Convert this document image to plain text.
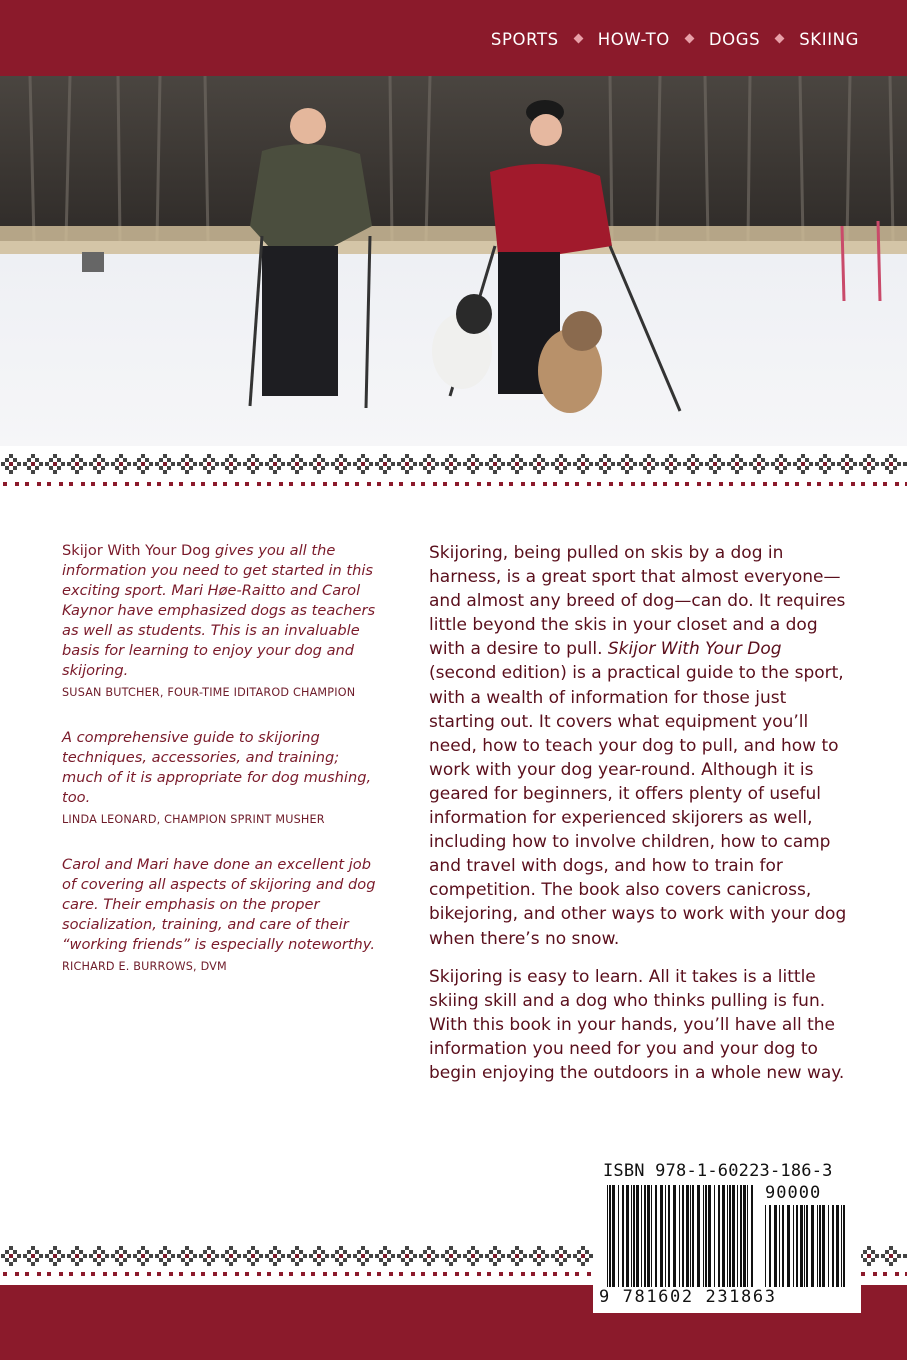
SPORTS HOW-TO DOGS SKIING
Skijor With Your Dog gives you all the information you need to get started in this exciting sport. Mari Høe-Raitto and Carol Kaynor have emphasized dogs as teachers as well as students. This is an invaluable basis for learning to enjoy your dog and skijoring.
SUSAN BUTCHER, FOUR-TIME IDITAROD CHAMPION
A comprehensive guide to skijoring techniques, accessories, and training; much of it is appropriate for dog mushing, too.
LINDA LEONARD, CHAMPION SPRINT MUSHER
Carol and Mari have done an excellent job of covering all aspects of skijoring and dog care. Their emphasis on the proper socialization, training, and care of their “working friends” is especially noteworthy.
RICHARD E. BURROWS, DVM

Skijoring, being pulled on skis by a dog in harness, is a great sport that almost everyone—and almost any breed of dog—can do. It requires little beyond the skis in your closet and a dog with a desire to pull. Skijor With Your Dog (second edition) is a practical guide to the sport, with a wealth of information for those just starting out. It covers what equipment you’ll need, how to teach your dog to pull, and how to work with your dog year-round. Although it is geared for beginners, it offers plenty of useful information for experienced skijorers as well, including how to involve children, how to camp and travel with dogs, and how to train for competition. The book also covers canicross, bikejoring, and other ways to work with your dog when there’s no snow.

Skijoring is easy to learn. All it takes is a little skiing skill and a dog who thinks pulling is fun. With this book in your hands, you’ll have all the information you need for you and your dog to begin enjoying the outdoors in a whole new way.

ISBN 978-1-60223-186-3
90000
9 781602 231863
